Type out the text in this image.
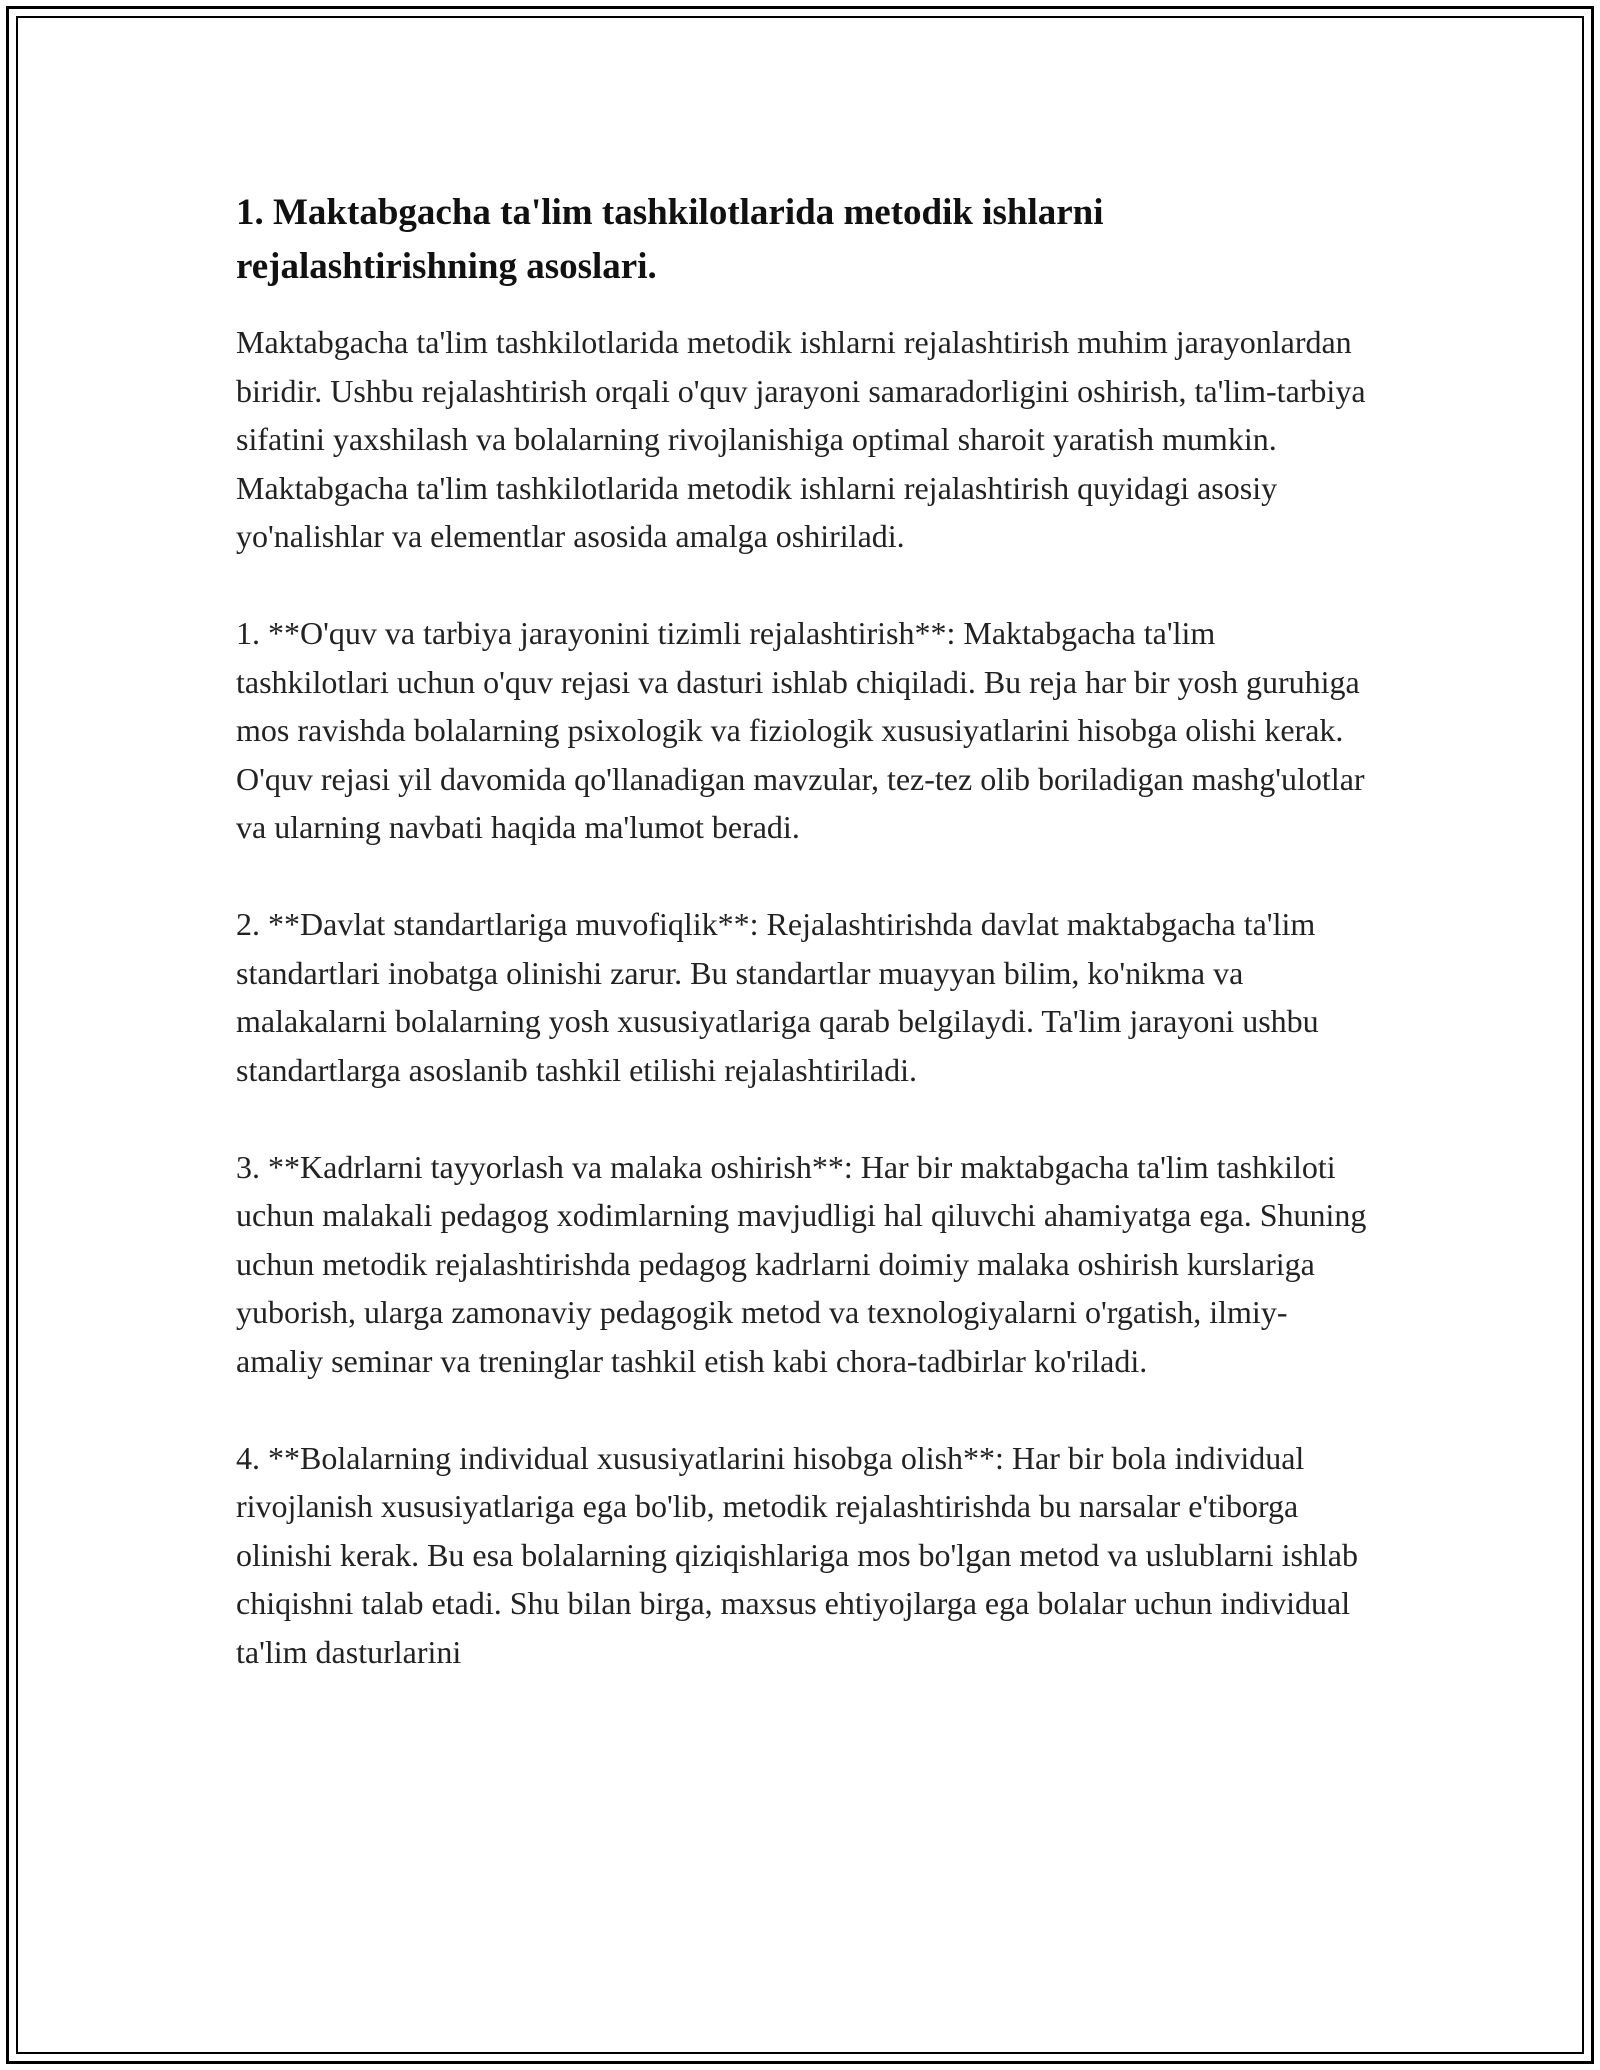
1. Maktabgacha ta'lim tashkilotlarida metodik ishlarni rejalashtirishning asoslari.

Maktabgacha ta'lim tashkilotlarida metodik ishlarni rejalashtirish muhim jarayonlardan biridir. Ushbu rejalashtirish orqali o'quv jarayoni samaradorligini oshirish, ta'lim-tarbiya sifatini yaxshilash va bolalarning rivojlanishiga optimal sharoit yaratish mumkin. Maktabgacha ta'lim tashkilotlarida metodik ishlarni rejalashtirish quyidagi asosiy yo'nalishlar va elementlar asosida amalga oshiriladi.

1. **O'quv va tarbiya jarayonini tizimli rejalashtirish**: Maktabgacha ta'lim tashkilotlari uchun o'quv rejasi va dasturi ishlab chiqiladi. Bu reja har bir yosh guruhiga mos ravishda bolalarning psixologik va fiziologik xususiyatlarini hisobga olishi kerak. O'quv rejasi yil davomida qo'llanadigan mavzular, tez-tez olib boriladigan mashg'ulotlar va ularning navbati haqida ma'lumot beradi.

2. **Davlat standartlariga muvofiqlik**: Rejalashtirishda davlat maktabgacha ta'lim standartlari inobatga olinishi zarur. Bu standartlar muayyan bilim, ko'nikma va malakalarni bolalarning yosh xususiyatlariga qarab belgilaydi. Ta'lim jarayoni ushbu standartlarga asoslanib tashkil etilishi rejalashtiriladi.

3. **Kadrlarni tayyorlash va malaka oshirish**: Har bir maktabgacha ta'lim tashkiloti uchun malakali pedagog xodimlarning mavjudligi hal qiluvchi ahamiyatga ega. Shuning uchun metodik rejalashtirishda pedagog kadrlarni doimiy malaka oshirish kurslariga yuborish, ularga zamonaviy pedagogik metod va texnologiyalarni o'rgatish, ilmiy-amaliy seminar va treninglar tashkil etish kabi chora-tadbirlar ko'riladi.

4. **Bolalarning individual xususiyatlarini hisobga olish**: Har bir bola individual rivojlanish xususiyatlariga ega bo'lib, metodik rejalashtirishda bu narsalar e'tiborga olinishi kerak. Bu esa bolalarning qiziqishlariga mos bo'lgan metod va uslublarni ishlab chiqishni talab etadi. Shu bilan birga, maxsus ehtiyojlarga ega bolalar uchun individual ta'lim dasturlarini
